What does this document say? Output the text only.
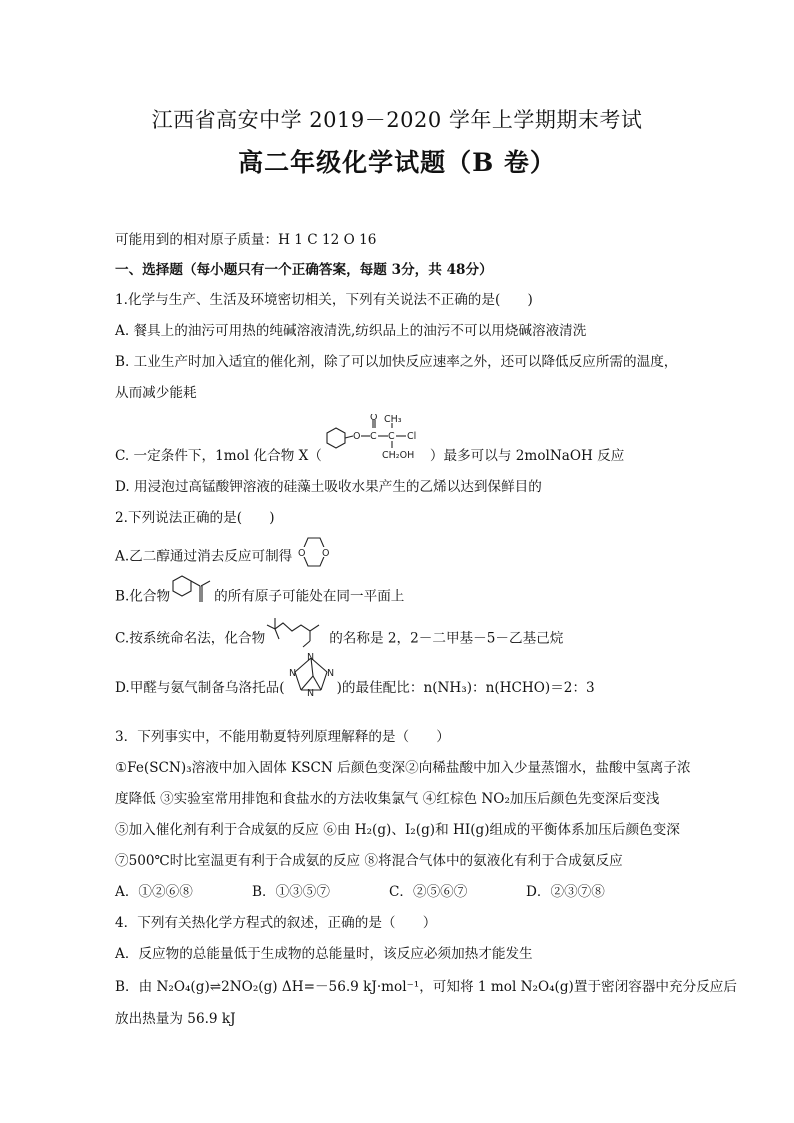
江西省高安中学 2019－2020 学年上学期期末考试
高二年级化学试题（B 卷）
可能用到的相对原子质量：H 1 C 12 O 16
一、选择题（每小题只有一个正确答案，每题 3分，共 48分）
1.化学与生产、生活及环境密切相关，下列有关说法不正确的是(　　)
A. 餐具上的油污可用热的纯碱溶液清洗,纺织品上的油污不可以用烧碱溶液清洗
B. 工业生产时加入适宜的催化剂，除了可以加快反应速率之外，还可以降低反应所需的温度，
从而减少能耗
C. 一定条件下，1mol 化合物 X（
O C
O
C
CH₃
Cl
CH₂OH ）最多可以与 2molNaOH 反应
D. 用浸泡过高锰酸钾溶液的硅藻土吸收水果产生的乙烯以达到保鲜目的
2.下列说法正确的是(　　)
A.乙二醇通过消去反应可制得 O O
B.化合物	的所有原子可能处在同一平面上
C.按系统命名法，化合物	的名称是 2，2－二甲基－5－乙基己烷
D.甲醛与氨气制备乌洛托品(
N
N	N
N )的最佳配比：n(NH₃)：n(HCHO)＝2：3
3．下列事实中，不能用勒夏特列原理解释的是（　　）
①Fe(SCN)₃溶液中加入固体 KSCN 后颜色变深②向稀盐酸中加入少量蒸馏水，盐酸中氢离子浓
度降低 ③实验室常用排饱和食盐水的方法收集氯气 ④红棕色 NO₂加压后颜色先变深后变浅
⑤加入催化剂有利于合成氨的反应 ⑥由 H₂(g)、I₂(g)和 HI(g)组成的平衡体系加压后颜色变深
⑦500℃时比室温更有利于合成氨的反应 ⑧将混合气体中的氨液化有利于合成氨反应
A．①②⑥⑧	B．①③⑤⑦	C．②⑤⑥⑦	D．②③⑦⑧
4．下列有关热化学方程式的叙述，正确的是（　　）
A．反应物的总能量低于生成物的总能量时，该反应必须加热才能发生
B．由 N₂O₄(g)⇌2NO₂(g) ΔH=－56.9 kJ·mol⁻¹，可知将 1 mol N₂O₄(g)置于密闭容器中充分反应后
放出热量为 56.9 kJ
